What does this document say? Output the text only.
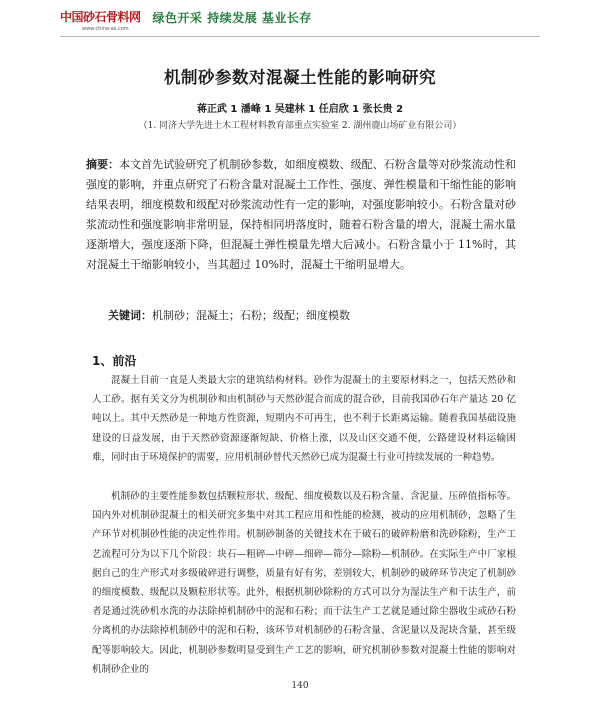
中国砂石骨料网
www.china-as.com
绿色开采 持续发展 基业长存
机制砂参数对混凝土性能的影响研究
蒋正武 1 潘峰 1 吴建林 1 任启欣 1 张长贵 2
（1. 同济大学先进土木工程材料教育部重点实验室 2. 湖州鹿山场矿业有限公司）

摘要：本文首先试验研究了机制砂参数，如细度模数、级配、石粉含量等对砂浆流动性和强度的影响，并重点研究了石粉含量对混凝土工作性、强度、弹性模量和干缩性能的影响结果表明，细度模数和级配对砂浆流动性有一定的影响，对强度影响较小。石粉含量对砂浆流动性和强度影响非常明显，保持相同坍落度时，随着石粉含量的增大，混凝土需水量逐渐增大，强度逐渐下降，但混凝土弹性模量先增大后减小。石粉含量小于 11%时，其对混凝土干缩影响较小，当其超过 10%时，混凝土干缩明显增大。

关键词：机制砂；混凝土；石粉；级配；细度模数

1、前沿

混凝土目前一直是人类最大宗的建筑结构材料。砂作为混凝土的主要原材料之一，包括天然砂和人工砂。据有关文分为机制砂和由机制砂与天然砂混合而成的混合砂，目前我国砂石年产量达 20 亿吨以上。其中天然砂是一种地方性资源，短期内不可再生，也不利于长距离运输。随着我国基础设施建设的日益发展，由于天然砂资源逐渐短缺、价格上涨，以及山区交通不便，公路建设材料运输困难，同时由于环境保护的需要，应用机制砂替代天然砂已成为混凝土行业可持续发展的一种趋势。

机制砂的主要性能参数包括颗粒形状、级配、细度模数以及石粉含量、含泥量、压碎值指标等。国内外对机制砂混凝土的相关研究多集中对其工程应用和性能的检测，被动的应用机制砂，忽略了生产环节对机制砂性能的决定性作用。机制砂制备的关键技术在于破石的破碎粉磨和洗砂除粉，生产工艺流程可分为以下几个阶段：块石—粗碎—中碎—细碎—筛分—除粉—机制砂。在实际生产中厂家根据自己的生产形式对多级破碎进行调整，质量有好有劣，差别较大，机制砂的破碎环节决定了机制砂的细度模数、级配以及颗粒形状等。此外，根据机制砂除粉的方式可以分为湿法生产和干法生产，前者是通过洗砂机水洗的办法除掉机制砂中的泥和石粉；而干法生产工艺就是通过除尘器收尘或砂石粉分离机的办法除掉机制砂中的泥和石粉，该环节对机制砂的石粉含量、含泥量以及泥块含量，甚至级配等影响较大。因此，机制砂参数明显受到生产工艺的影响，研究机制砂参数对混凝土性能的影响对机制砂企业的

140
